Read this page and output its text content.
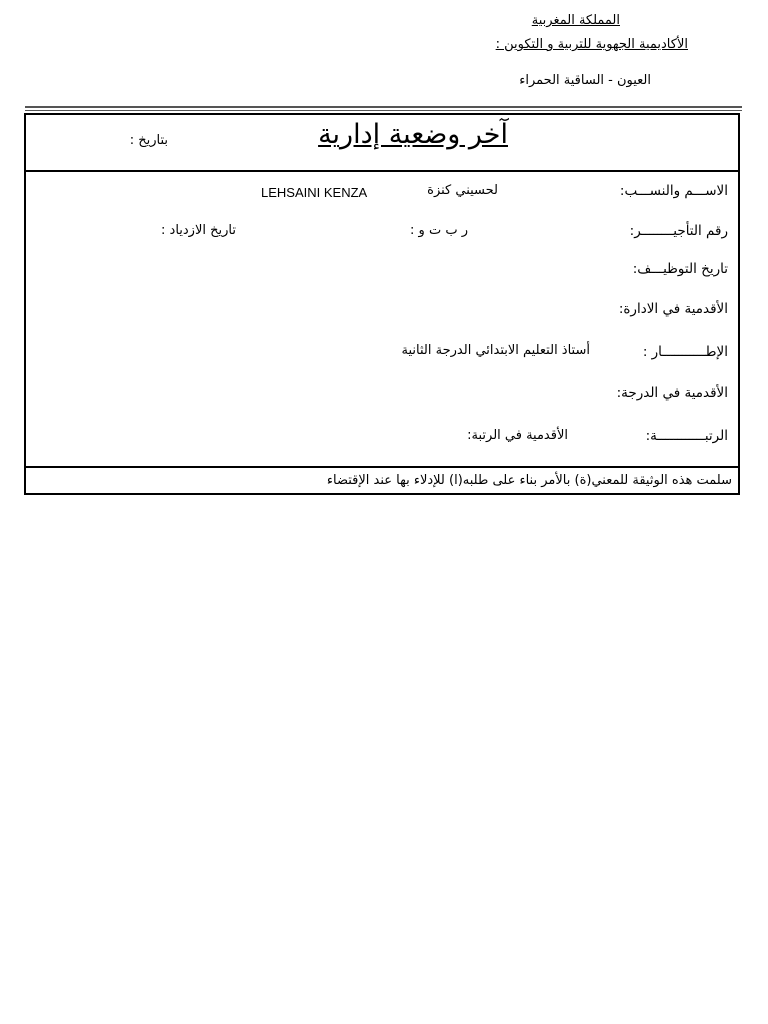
المملكة المغربية
الأكاديمية الجهوية للتربية و التكوين :
العيون - الساقية الحمراء
آخر وضعية إدارية
بتاريخ :
الاســـم والنســـب:
لحسيني كنزة
LEHSAINI KENZA
رقم التأجيــــــــر:
ر ب ت و :
تاريخ الازدياد :
تاريخ التوظيـــف:
الأقدمية في الادارة:
الإطـــــــــــار :
أستاذ التعليم الابتدائي الدرجة الثانية
الأقدمية في الدرجة:
الرتبــــــــــــة:
الأقدمية في الرتبة:
سلمت هذه الوثيقة للمعني(ة) بالأمر بناء على طلبه(ا) للإدلاء بها عند الإقتضاء
